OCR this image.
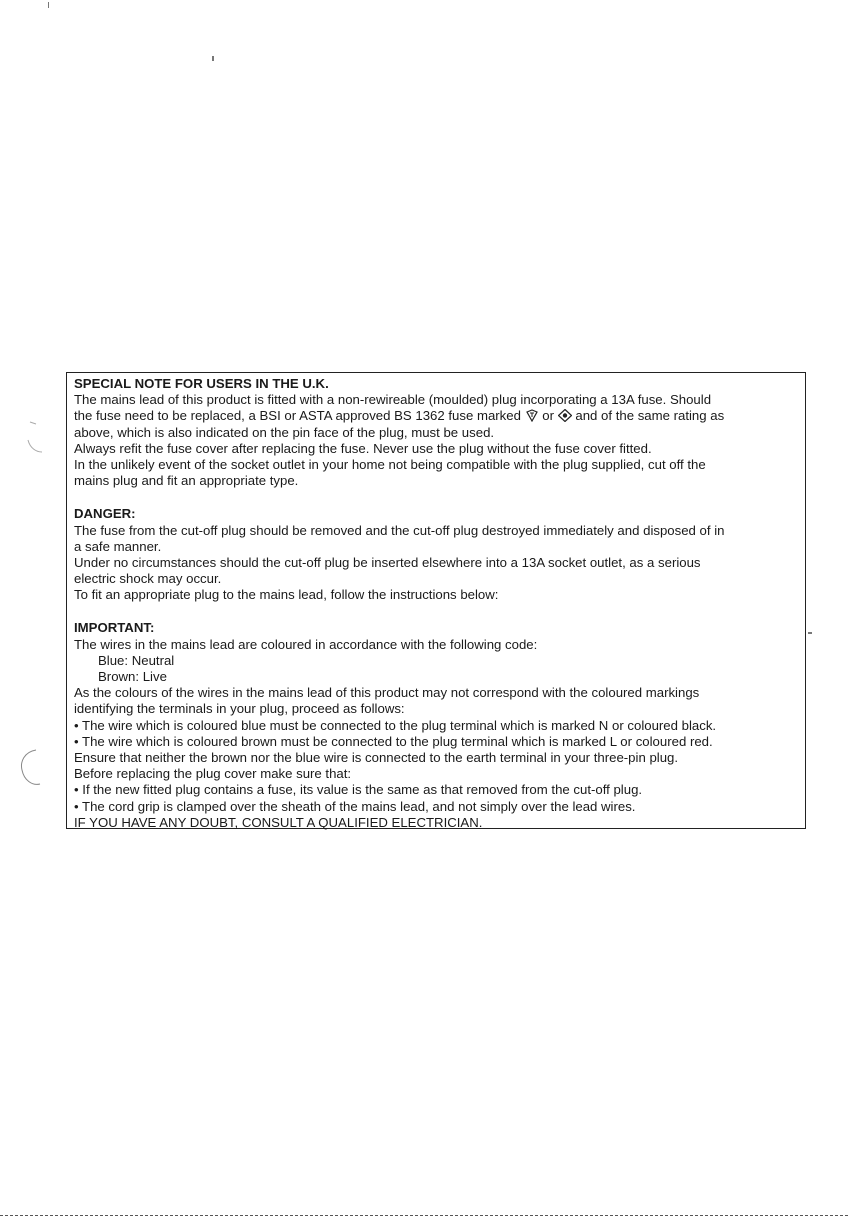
SPECIAL NOTE FOR USERS IN THE U.K.
The mains lead of this product is fitted with a non-rewireable (moulded) plug incorporating a 13A fuse. Should
the fuse need to be replaced, a BSI or ASTA approved BS 1362 fuse marked or and of the same rating as
above, which is also indicated on the pin face of the plug, must be used.
Always refit the fuse cover after replacing the fuse. Never use the plug without the fuse cover fitted.
In the unlikely event of the socket outlet in your home not being compatible with the plug supplied, cut off the
mains plug and fit an appropriate type.
DANGER:
The fuse from the cut-off plug should be removed and the cut-off plug destroyed immediately and disposed of in
a safe manner.
Under no circumstances should the cut-off plug be inserted elsewhere into a 13A socket outlet, as a serious
electric shock may occur.
To fit an appropriate plug to the mains lead, follow the instructions below:
IMPORTANT:
The wires in the mains lead are coloured in accordance with the following code:
Blue: Neutral
Brown: Live
As the colours of the wires in the mains lead of this product may not correspond with the coloured markings
identifying the terminals in your plug, proceed as follows:
• The wire which is coloured blue must be connected to the plug terminal which is marked N or coloured black.
• The wire which is coloured brown must be connected to the plug terminal which is marked L or coloured red.
Ensure that neither the brown nor the blue wire is connected to the earth terminal in your three-pin plug.
Before replacing the plug cover make sure that:
• If the new fitted plug contains a fuse, its value is the same as that removed from the cut-off plug.
• The cord grip is clamped over the sheath of the mains lead, and not simply over the lead wires.
IF YOU HAVE ANY DOUBT, CONSULT A QUALIFIED ELECTRICIAN.
